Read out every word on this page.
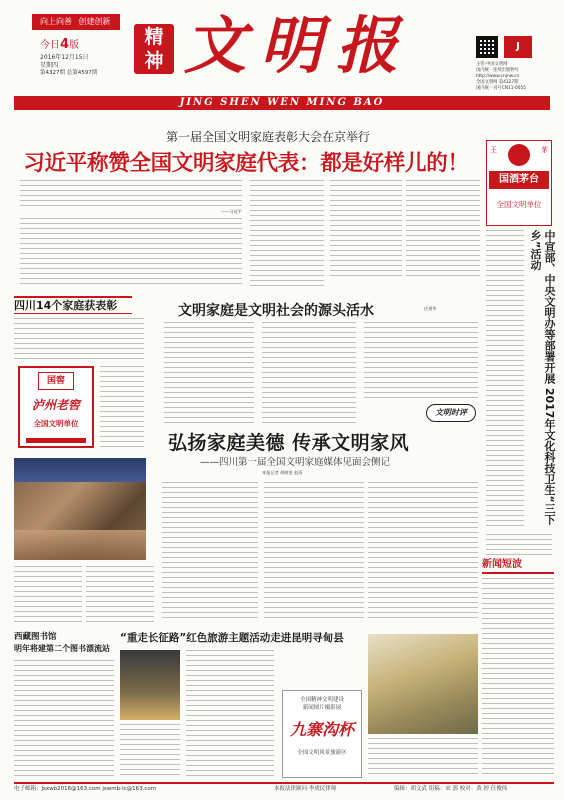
向上向善 创建创新
今日4版
2016年12月15日
星期四
第4327期 总第4597期
精
神 文明报	J
主管·中国文明网
国内统一连续出版物号
http://www.cnjnw.cn
全国文明网 第4327期
国内统一刊号CN11-0055
JING SHEN WEN MING BAO
第一届全国文明家庭表彰大会在京举行
习近平称赞全国文明家庭代表：都是好样儿的！
——习近平
王	茅
国酒茅台
全国文明单位
中宣部、中央文明办等部署开展 2017年文化科技卫生“三下乡”活动
四川14个家庭获表彰
国窖
泸州老窖
全国文明单位
文明家庭是文明社会的源头活水	任建华
文明时评
弘扬家庭美德 传承文明家风
——四川第一届全国文明家庭媒体见面会侧记
本报记者 胡晓雯 赵清
新闻短波
西藏图书馆
明年将建第二个图书漂流站
“重走长征路”红色旅游主题活动走进昆明寻甸县
全国精神文明建设
新闻图片摄影展
九寨沟杯
全国文明风景旅游区
电子邮箱：jsxwb2016@163.com jswmb-lc@163.com	本报法律顾问·李成民律师	编辑：胡文武 组稿：宋 郭 校对：黄 婷 任俊伟
